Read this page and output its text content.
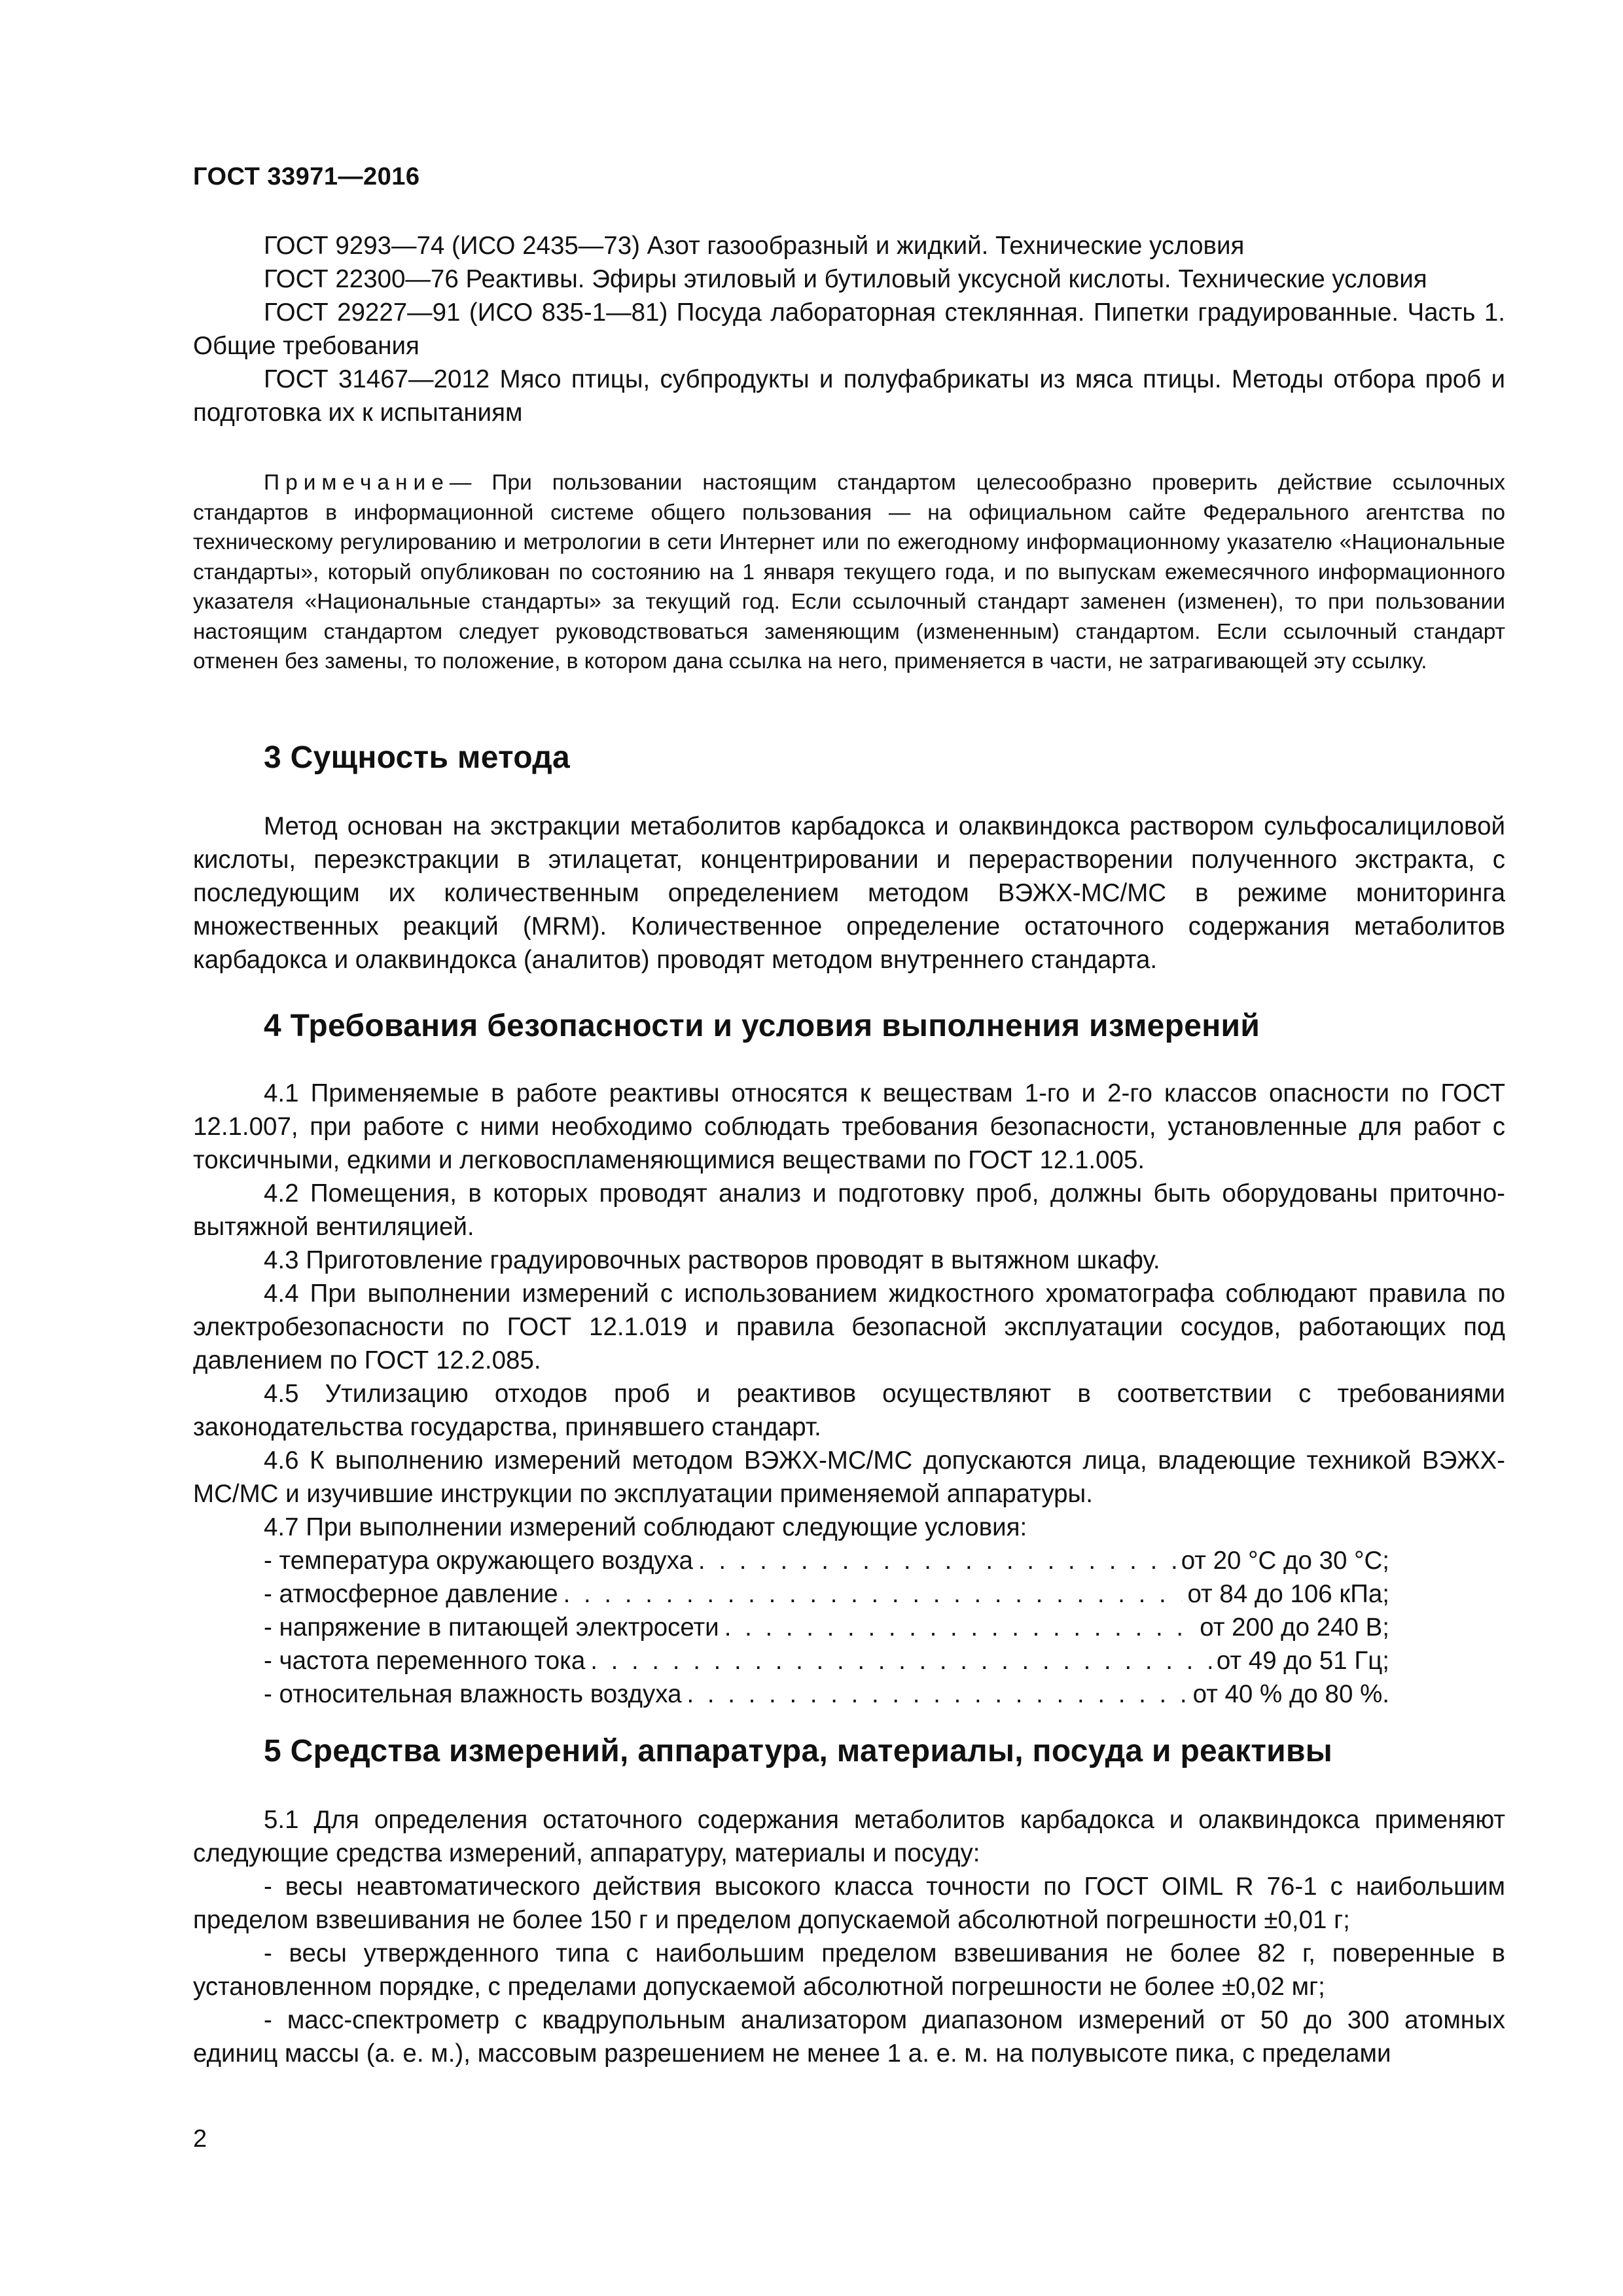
ГОСТ 33971—2016

ГОСТ 9293—74 (ИСО 2435—73) Азот газообразный и жидкий. Технические условия

ГОСТ 22300—76 Реактивы. Эфиры этиловый и бутиловый уксусной кислоты. Технические условия

ГОСТ 29227—91 (ИСО 835-1—81) Посуда лабораторная стеклянная. Пипетки градуированные. Часть 1. Общие требования

ГОСТ 31467—2012 Мясо птицы, субпродукты и полуфабрикаты из мяса птицы. Методы отбора проб и подготовка их к испытаниям

Примечание— При пользовании настоящим стандартом целесообразно проверить действие ссылочных стандартов в информационной системе общего пользования — на официальном сайте Федерального агентства по техническому регулированию и метрологии в сети Интернет или по ежегодному информационному указателю «Национальные стандарты», который опубликован по состоянию на 1 января текущего года, и по выпускам ежемесячного информационного указателя «Национальные стандарты» за текущий год. Если ссылочный стандарт заменен (изменен), то при пользовании настоящим стандартом следует руководствоваться заменяющим (измененным) стандартом. Если ссылочный стандарт отменен без замены, то положение, в котором дана ссылка на него, применяется в части, не затрагивающей эту ссылку.

3 Сущность метода

Метод основан на экстракции метаболитов карбадокса и олаквиндокса раствором сульфосалициловой кислоты, переэкстракции в этилацетат, концентрировании и перерастворении полученного экстракта, с последующим их количественным определением методом ВЭЖХ-МС/МС в режиме мониторинга множественных реакций (MRM). Количественное определение остаточного содержания метаболитов карбадокса и олаквиндокса (аналитов) проводят методом внутреннего стандарта.

4 Требования безопасности и условия выполнения измерений

4.1 Применяемые в работе реактивы относятся к веществам 1-го и 2-го классов опасности по ГОСТ 12.1.007, при работе с ними необходимо соблюдать требования безопасности, установленные для работ с токсичными, едкими и легковоспламеняющимися веществами по ГОСТ 12.1.005.

4.2 Помещения, в которых проводят анализ и подготовку проб, должны быть оборудованы приточно-вытяжной вентиляцией.

4.3 Приготовление градуировочных растворов проводят в вытяжном шкафу.

4.4 При выполнении измерений с использованием жидкостного хроматографа соблюдают правила по электробезопасности по ГОСТ 12.1.019 и правила безопасной эксплуатации сосудов, работающих под давлением по ГОСТ 12.2.085.

4.5 Утилизацию отходов проб и реактивов осуществляют в соответствии с требованиями законодательства государства, принявшего стандарт.

4.6 К выполнению измерений методом ВЭЖХ-МС/МС допускаются лица, владеющие техникой ВЭЖХ-МС/МС и изучившие инструкции по эксплуатации применяемой аппаратуры.

4.7 При выполнении измерений соблюдают следующие условия:

- температура окружающего воздуха . . .	от 20 °С до 30 °С;
- атмосферное давление . . .	от 84 до 106 кПа;
- напряжение в питающей электросети . . .	от 200 до 240 В;
- частота переменного тока . . .	от 49 до 51 Гц;
- относительная влажность воздуха . . .	от 40 % до 80 %.
5 Средства измерений, аппаратура, материалы, посуда и реактивы

5.1 Для определения остаточного содержания метаболитов карбадокса и олаквиндокса применяют следующие средства измерений, аппаратуру, материалы и посуду:

- весы неавтоматического действия высокого класса точности по ГОСТ OIML R 76-1 с наибольшим пределом взвешивания не более 150 г и пределом допускаемой абсолютной погрешности ±0,01 г;

- весы утвержденного типа с наибольшим пределом взвешивания не более 82 г, поверенные в установленном порядке, с пределами допускаемой абсолютной погрешности не более ±0,02 мг;

- масс-спектрометр с квадрупольным анализатором диапазоном измерений от 50 до 300 атомных единиц массы (а. е. м.), массовым разрешением не менее 1 а. е. м. на полувысоте пика, с пределами

2
